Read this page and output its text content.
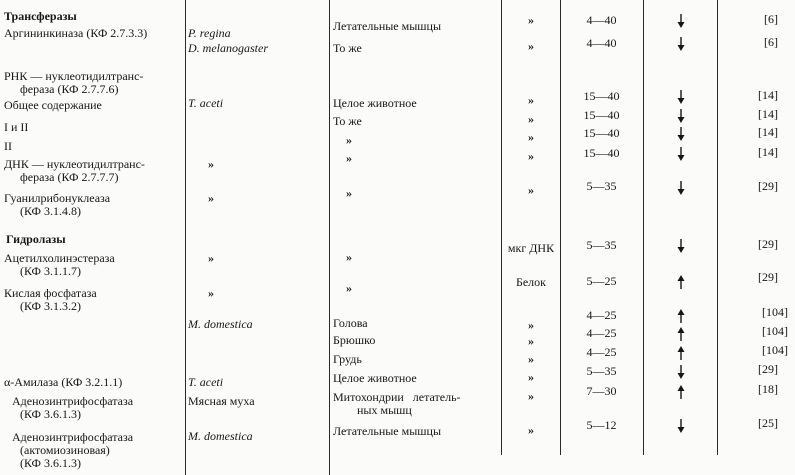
Трансферазы
Аргининкиназа (КФ 2.7.3.3)
РНК — нуклеотидилтранс-
фераза (КФ 2.7.7.6)
Общее содержание
I и II
II
ДНК — нуклеотидилтранс-
фераза (КФ 2.7.7.7)
Гуанилрибонуклеаза
(КФ 3.1.4.8)
Гидролазы
Ацетилхолинэстераза
(КФ 3.1.1.7)
Кислая фосфатаза
(КФ 3.1.3.2)
α-Амилаза (КФ 3.2.1.1)
Аденозинтрифосфатаза
(КФ 3.6.1.3)
Аденозинтрифосфатаза
(актомиозиновая)
(КФ 3.6.1.3)
P. regina
D. melanogaster
T. aceti
»
»
»
»
M. domestica
T. aceti
Мясная муха
M. domestica
Летательные мышцы
То же
Целое животное
То же
»
»
»
»
»
Голова
Брюшко
Грудь
Целое животное
Митохондрии   летатель-
ных мышц
Летательные мышцы
»
»
»
»
»
»
»
мкг ДНК
Белок
»
»
»
»
»
»
4—40
4—40
15—40
15—40
15—40
15—40
5—35
5—35
5—25
4—25
4—25
4—25
5—35
7—30
5—12
[6]
[6]
[14]
[14]
[14]
[14]
[29]
[29]
[29]
[104]
[104]
[104]
[29]
[18]
[25]
